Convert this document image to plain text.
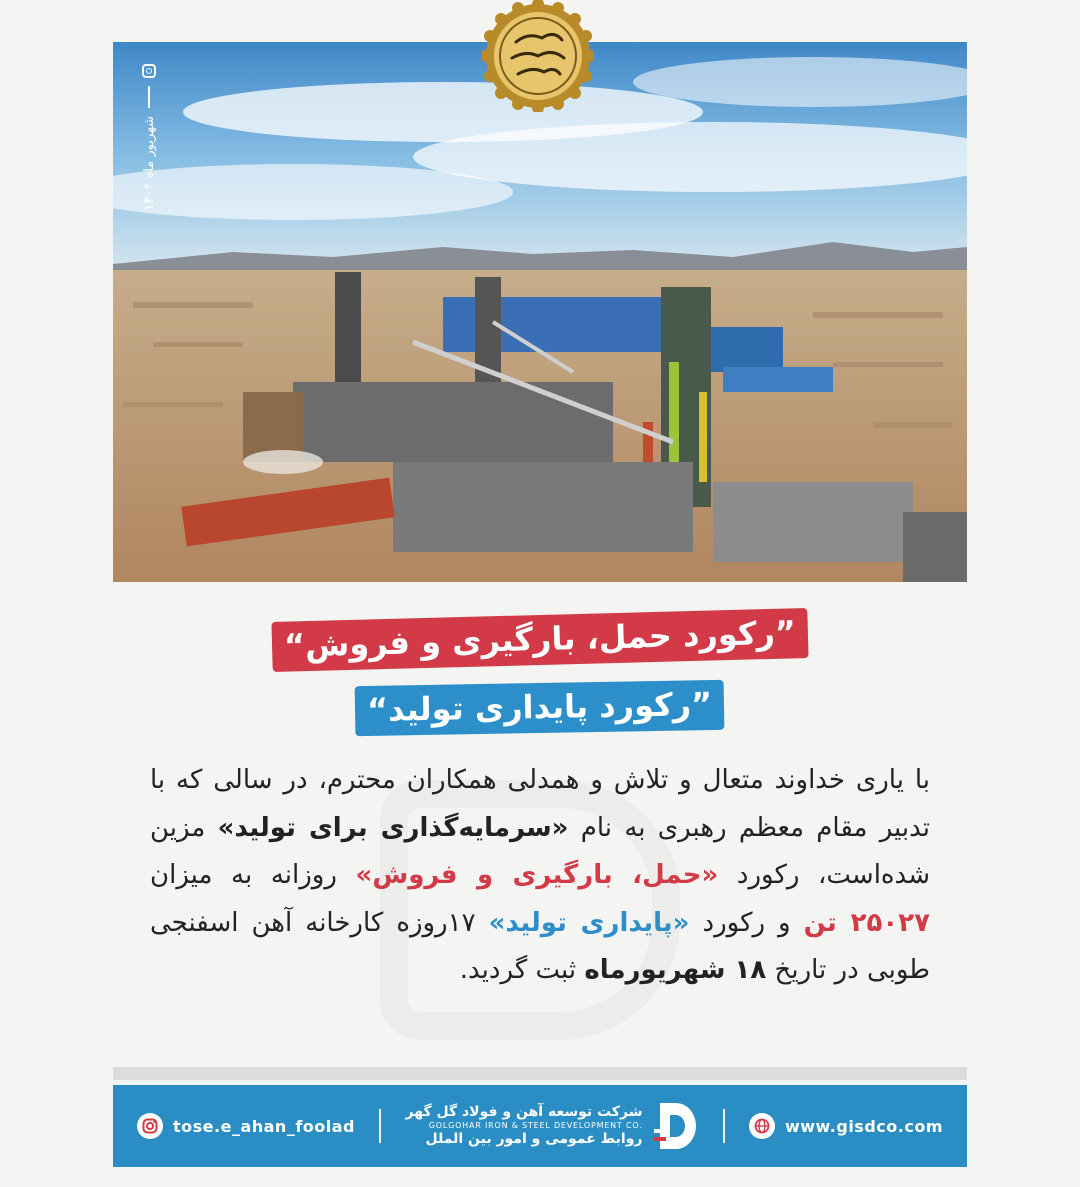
شهریور ماه ۱۴۰۴
”رکورد حمل، بارگیری و فروش“
”رکورد پایداری تولید“
با یاری خداوند متعال و تلاش و همدلی همکاران محترم، در سالی که با تدبیر مقام معظم رهبری به نام «سرمایه‌گذاری برای تولید» مزین شده‌است، رکورد «حمل، بارگیری و فروش» روزانه به میزان ۲۵۰۲۷ تن و رکورد «پایداری تولید» ۱۷روزه کارخانه آهن اسفنجی طوبی در تاریخ ۱۸ شهریورماه ثبت گردید.
tose.e_ahan_foolad
شرکت توسعه آهن و فولاد گل گهر
GOLGOHAR IRON & STEEL DEVELOPMENT CO.
روابط عمومی و امور بین الملل
www.gisdco.com
